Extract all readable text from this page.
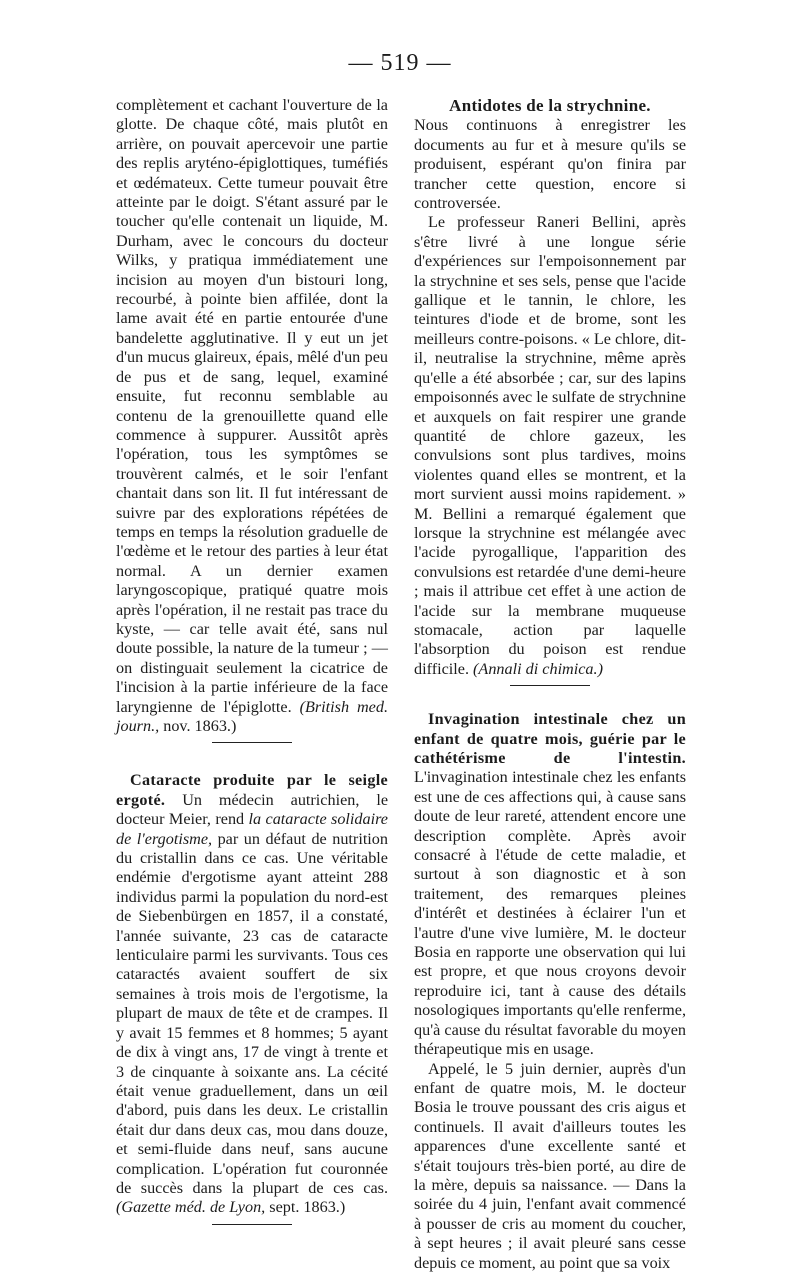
— 519 —

complètement et cachant l'ouverture de la glotte. De chaque côté, mais plutôt en arrière, on pouvait apercevoir une partie des replis aryténo-épiglottiques, tuméfiés et œdémateux. Cette tumeur pouvait être atteinte par le doigt. S'étant assuré par le toucher qu'elle contenait un liquide, M. Durham, avec le concours du docteur Wilks, y pratiqua immédiatement une incision au moyen d'un bistouri long, recourbé, à pointe bien affilée, dont la lame avait été en partie entourée d'une bandelette agglutinative. Il y eut un jet d'un mucus glaireux, épais, mêlé d'un peu de pus et de sang, lequel, examiné ensuite, fut reconnu semblable au contenu de la grenouillette quand elle commence à suppurer. Aussitôt après l'opération, tous les symptômes se trouvèrent calmés, et le soir l'enfant chantait dans son lit. Il fut intéressant de suivre par des explorations répétées de temps en temps la résolution graduelle de l'œdème et le retour des parties à leur état normal. A un dernier examen laryngoscopique, pratiqué quatre mois après l'opération, il ne restait pas trace du kyste, — car telle avait été, sans nul doute possible, la nature de la tumeur ; — on distinguait seulement la cicatrice de l'incision à la partie inférieure de la face laryngienne de l'épiglotte. (British med. journ., nov. 1863.)

Cataracte produite par le seigle ergoté. Un médecin autrichien, le docteur Meier, rend la cataracte solidaire de l'ergotisme, par un défaut de nutrition du cristallin dans ce cas. Une véritable endémie d'ergotisme ayant atteint 288 individus parmi la population du nord-est de Siebenbürgen en 1857, il a constaté, l'année suivante, 23 cas de cataracte lenticulaire parmi les survivants. Tous ces cataractés avaient souffert de six semaines à trois mois de l'ergotisme, la plupart de maux de tête et de crampes. Il y avait 15 femmes et 8 hommes; 5 ayant de dix à vingt ans, 17 de vingt à trente et 3 de cinquante à soixante ans. La cécité était venue graduellement, dans un œil d'abord, puis dans les deux. Le cristallin était dur dans deux cas, mou dans douze, et semi-fluide dans neuf, sans aucune complication. L'opération fut couronnée de succès dans la plupart de ces cas. (Gazette méd. de Lyon, sept. 1863.)

Antidotes de la strychnine.

Nous continuons à enregistrer les documents au fur et à mesure qu'ils se produisent, espérant qu'on finira par trancher cette question, encore si controversée.

Le professeur Raneri Bellini, après s'être livré à une longue série d'expériences sur l'empoisonnement par la strychnine et ses sels, pense que l'acide gallique et le tannin, le chlore, les teintures d'iode et de brome, sont les meilleurs contre-poisons. « Le chlore, dit-il, neutralise la strychnine, même après qu'elle a été absorbée ; car, sur des lapins empoisonnés avec le sulfate de strychnine et auxquels on fait respirer une grande quantité de chlore gazeux, les convulsions sont plus tardives, moins violentes quand elles se montrent, et la mort survient aussi moins rapidement. » M. Bellini a remarqué également que lorsque la strychnine est mélangée avec l'acide pyrogallique, l'apparition des convulsions est retardée d'une demi-heure ; mais il attribue cet effet à une action de l'acide sur la membrane muqueuse stomacale, action par laquelle l'absorption du poison est rendue difficile. (Annali di chimica.)

Invagination intestinale chez un enfant de quatre mois, guérie par le cathétérisme de l'intestin. L'invagination intestinale chez les enfants est une de ces affections qui, à cause sans doute de leur rareté, attendent encore une description complète. Après avoir consacré à l'étude de cette maladie, et surtout à son diagnostic et à son traitement, des remarques pleines d'intérêt et destinées à éclairer l'un et l'autre d'une vive lumière, M. le docteur Bosia en rapporte une observation qui lui est propre, et que nous croyons devoir reproduire ici, tant à cause des détails nosologiques importants qu'elle renferme, qu'à cause du résultat favorable du moyen thérapeutique mis en usage.

Appelé, le 5 juin dernier, auprès d'un enfant de quatre mois, M. le docteur Bosia le trouve poussant des cris aigus et continuels. Il avait d'ailleurs toutes les apparences d'une excellente santé et s'était toujours très-bien porté, au dire de la mère, depuis sa naissance. — Dans la soirée du 4 juin, l'enfant avait commencé à pousser de cris au moment du coucher, à sept heures ; il avait pleuré sans cesse depuis ce moment, au point que sa voix
